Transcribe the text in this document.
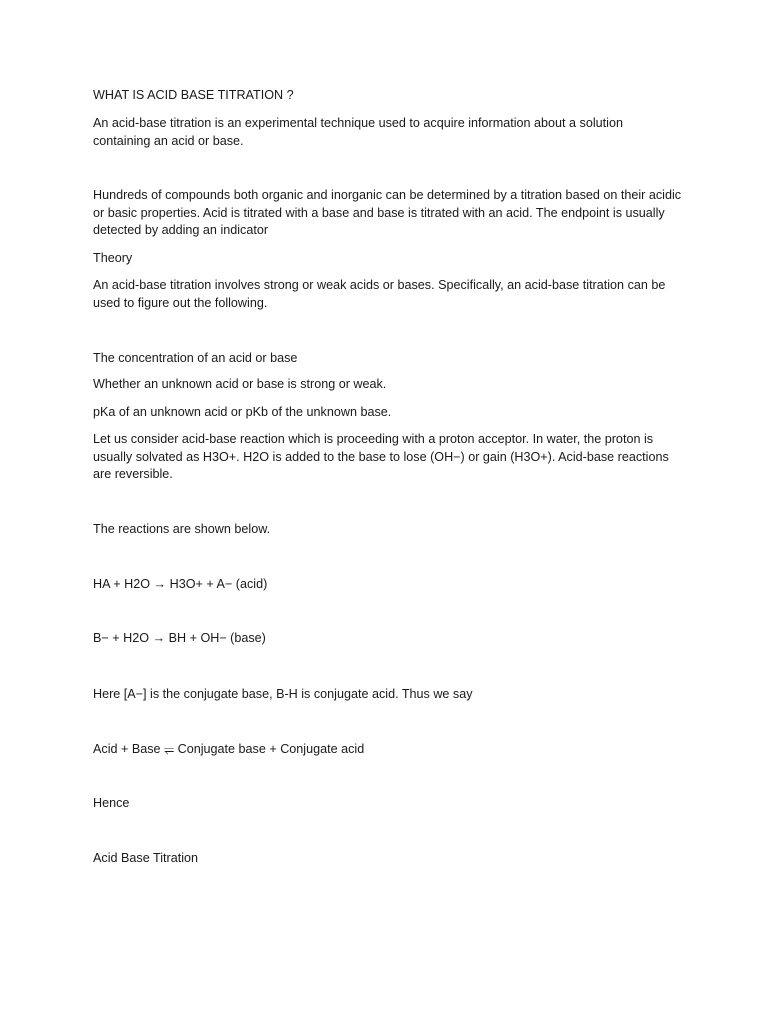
WHAT IS ACID BASE TITRATION ?

An acid-base titration is an experimental technique used to acquire information about a solution containing an acid or base.

Hundreds of compounds both organic and inorganic can be determined by a titration based on their acidic or basic properties. Acid is titrated with a base and base is titrated with an acid. The endpoint is usually detected by adding an indicator

Theory

An acid-base titration involves strong or weak acids or bases. Specifically, an acid-base titration can be used to figure out the following.

The concentration of an acid or base

Whether an unknown acid or base is strong or weak.

pKa of an unknown acid or pKb of the unknown base.

Let us consider acid-base reaction which is proceeding with a proton acceptor. In water, the proton is usually solvated as H3O+. H2O is added to the base to lose (OH−) or gain (H3O+). Acid-base reactions are reversible.

The reactions are shown below.

HA + H2O → H3O+ + A− (acid)

B− + H2O → BH + OH− (base)

Here [A−] is the conjugate base, B-H is conjugate acid. Thus we say

Acid + Base ⥫ Conjugate base + Conjugate acid

Hence

Acid Base Titration
